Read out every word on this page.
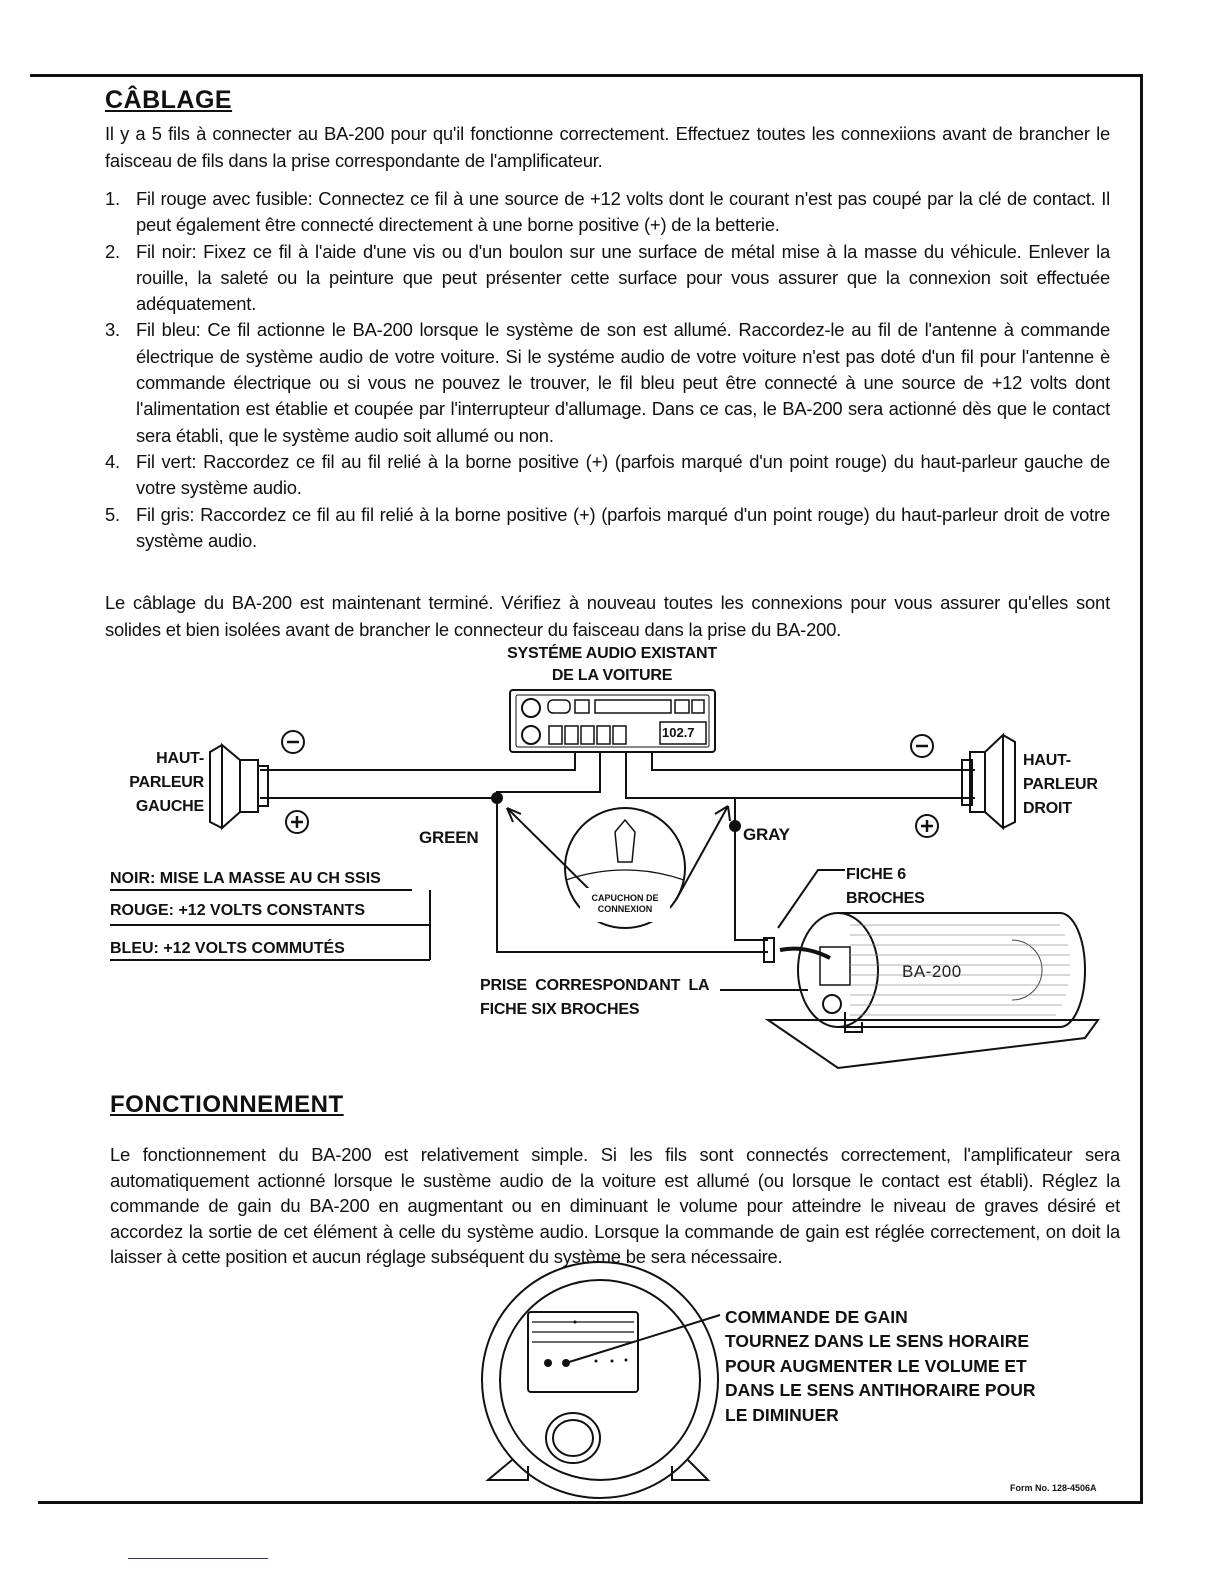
CÂBLAGE
Il y a 5 fils à connecter au BA-200 pour qu'il fonctionne correctement. Effectuez toutes les connexiions avant de brancher le faisceau de fils dans la prise correspondante de l'amplificateur.
1. Fil rouge avec fusible: Connectez ce fil à une source de +12 volts dont le courant n'est pas coupé par la clé de contact. Il peut également être connecté directement à une borne positive (+) de la betterie.
2. Fil noir: Fixez ce fil à l'aide d'une vis ou d'un boulon sur une surface de métal mise à la masse du véhicule. Enlever la rouille, la saleté ou la peinture que peut présenter cette surface pour vous assurer que la connexion soit effectuée adéquatement.
3. Fil bleu: Ce fil actionne le BA-200 lorsque le système de son est allumé. Raccordez-le au fil de l'antenne à commande électrique de système audio de votre voiture. Si le systéme audio de votre voiture n'est pas doté d'un fil pour l'antenne è commande électrique ou si vous ne pouvez le trouver, le fil bleu peut être connecté à une source de +12 volts dont l'alimentation est établie et coupée par l'interrupteur d'allumage. Dans ce cas, le BA-200 sera actionné dès que le contact sera établi, que le système audio soit allumé ou non.
4. Fil vert: Raccordez ce fil au fil relié à la borne positive (+) (parfois marqué d'un point rouge) du haut-parleur gauche de votre système audio.
5. Fil gris: Raccordez ce fil au fil relié à la borne positive (+) (parfois marqué d'un point rouge) du haut-parleur droit de votre système audio.
Le câblage du BA-200 est maintenant terminé. Vérifiez à nouveau toutes les connexions pour vous assurer qu'elles sont solides et bien isolées avant de brancher le connecteur du faisceau dans la prise du BA-200.
SYSTÉME AUDIO EXISTANT
DE LA VOITURE
102.7
HAUT-
PARLEUR
GAUCHE
HAUT-
PARLEUR
DROIT
GREEN	GRAY
CAPUCHON DE
CONNEXION
FICHE 6
BROCHES
BA-200
PRISE CORRESPONDANT LA
FICHE SIX BROCHES
NOIR: MISE LA MASSE AU CH SSIS
ROUGE: +12 VOLTS CONSTANTS
BLEU: +12 VOLTS COMMUTÉS
FONCTIONNEMENT
Le fonctionnement du BA-200 est relativement simple. Si les fils sont connectés correctement, l'amplificateur sera automatiquement actionné lorsque le sustème audio de la voiture est allumé (ou lorsque le contact est établi). Réglez la commande de gain du BA-200 en augmentant ou en diminuant le volume pour atteindre le niveau de graves désiré et accordez la sortie de cet élément à celle du système audio. Lorsque la commande de gain est réglée correctement, on doit la laisser à cette position et aucun réglage subséquent du système be sera nécessaire.
COMMANDE DE GAIN
TOURNEZ DANS LE SENS HORAIRE
POUR AUGMENTER LE VOLUME ET
DANS LE SENS ANTIHORAIRE POUR
LE DIMINUER
Form No. 128-4506A
